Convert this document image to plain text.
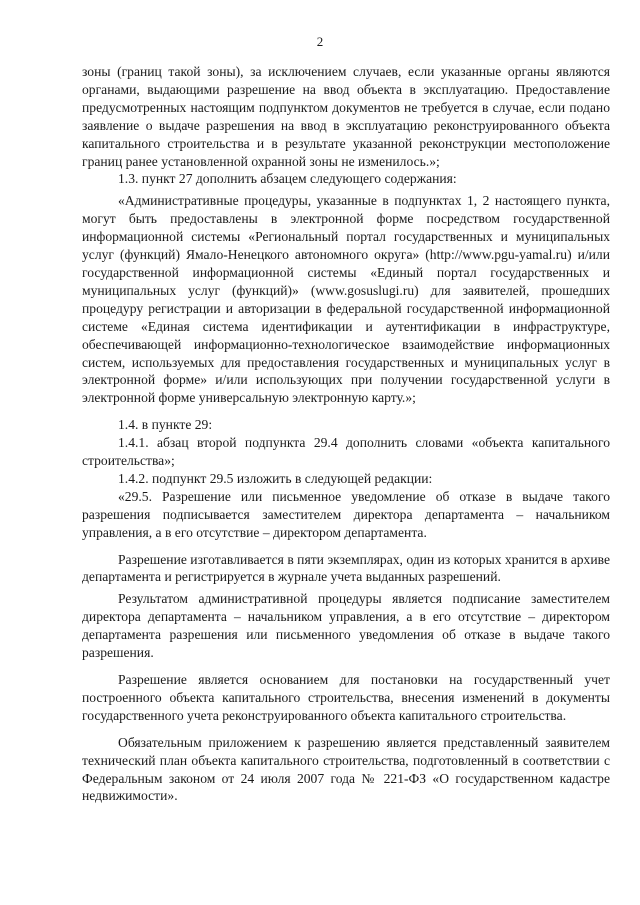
2

зоны (границ такой зоны), за исключением случаев, если указанные органы являются органами, выдающими разрешение на ввод объекта в эксплуатацию. Предоставление предусмотренных настоящим подпунктом документов не требуется в случае, если подано заявление о выдаче разрешения на ввод в эксплуатацию реконструированного объекта капитального строительства и в результате указанной реконструкции местоположение границ ранее установленной охранной зоны не изменилось.»;

1.3. пункт 27 дополнить абзацем следующего содержания:

«Административные процедуры, указанные в подпунктах 1, 2 настоящего пункта, могут быть предоставлены в электронной форме посредством государственной информационной системы «Региональный портал государственных и муниципальных услуг (функций) Ямало-Ненецкого автономного округа» (http://www.pgu-yamal.ru) и/или государственной информационной системы «Единый портал государственных и муниципальных услуг (функций)» (www.gosuslugi.ru) для заявителей, прошедших процедуру регистрации и авторизации в федеральной государственной информационной системе «Единая система идентификации и аутентификации в инфраструктуре, обеспечивающей информационно-технологическое взаимодействие информационных систем, используемых для предоставления государственных и муниципальных услуг в электронной форме» и/или использующих при получении государственной услуги в электронной форме универсальную электронную карту.»;

1.4. в пункте 29:

1.4.1. абзац второй подпункта 29.4 дополнить словами «объекта капитального строительства»;

1.4.2. подпункт 29.5 изложить в следующей редакции:

«29.5. Разрешение или письменное уведомление об отказе в выдаче такого разрешения подписывается заместителем директора департамента – начальником управления, а в его отсутствие – директором департамента.

Разрешение изготавливается в пяти экземплярах, один из которых хранится в архиве департамента и регистрируется в журнале учета выданных разрешений.

Результатом административной процедуры является подписание заместителем директора департамента – начальником управления, а в его отсутствие – директором департамента разрешения или письменного уведомления об отказе в выдаче такого разрешения.

Разрешение является основанием для постановки на государственный учет построенного объекта капитального строительства, внесения изменений в документы государственного учета реконструированного объекта капитального строительства.

Обязательным приложением к разрешению является представленный заявителем технический план объекта капитального строительства, подготовленный в соответствии с Федеральным законом от 24 июля 2007 года № 221-ФЗ «О государственном кадастре недвижимости».
